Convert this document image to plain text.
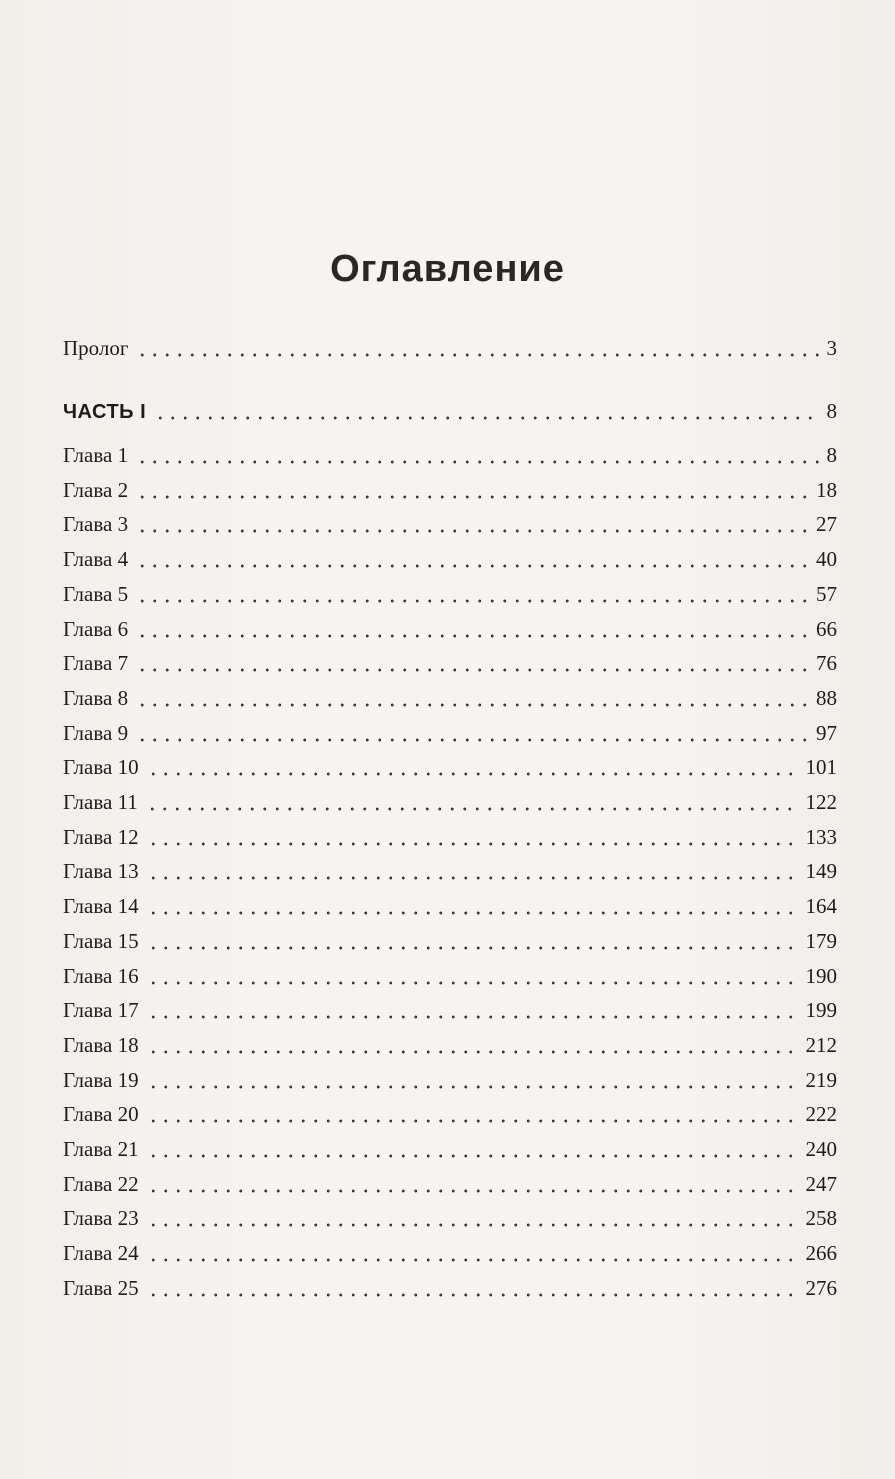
Оглавление
Пролог	3
ЧАСТЬ I	8
Глава 1	8
Глава 2	18
Глава 3	27
Глава 4	40
Глава 5	57
Глава 6	66
Глава 7	76
Глава 8	88
Глава 9	97
Глава 10	101
Глава 11	122
Глава 12	133
Глава 13	149
Глава 14	164
Глава 15	179
Глава 16	190
Глава 17	199
Глава 18	212
Глава 19	219
Глава 20	222
Глава 21	240
Глава 22	247
Глава 23	258
Глава 24	266
Глава 25	276
